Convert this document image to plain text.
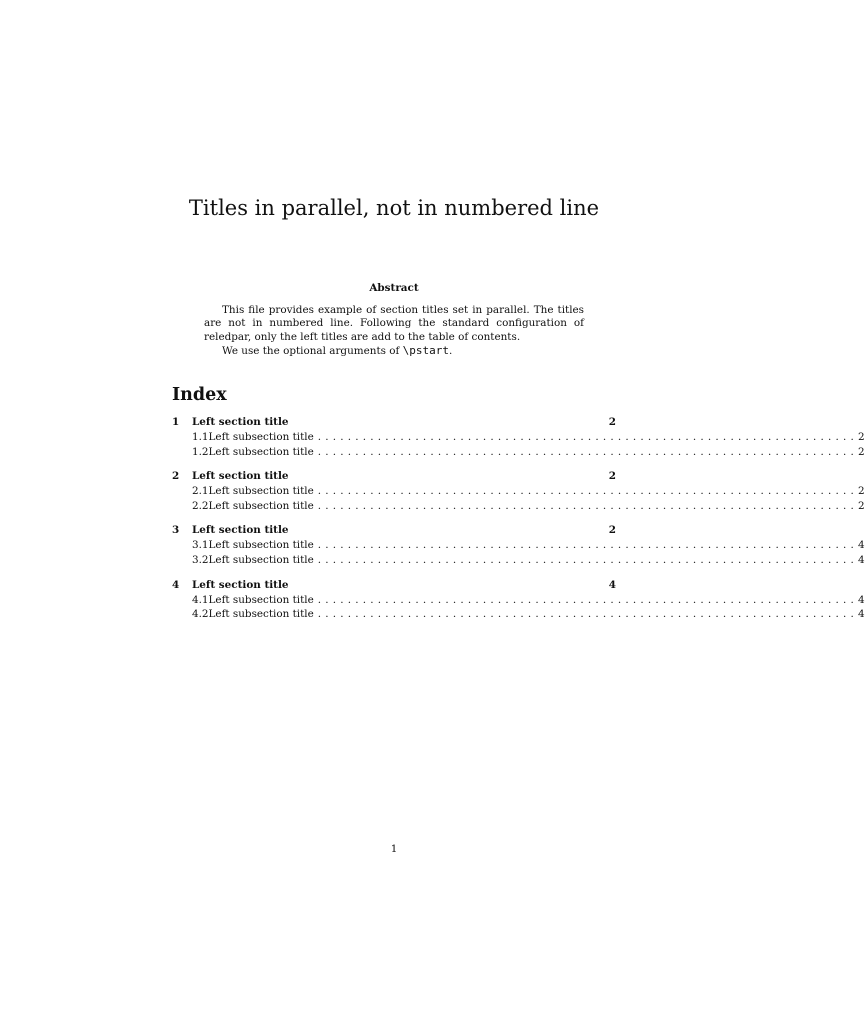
Titles in parallel, not in numbered line
Abstract

This file provides example of section titles set in parallel. The titles are not in numbered line. Following the standard configuration of reledpar, only the left titles are add to the table of contents.

We use the optional arguments of \pstart.

Index
1	Left section title	2
1.1 Left subsection title ........................................................................ 2
1.2 Left subsection title ........................................................................ 2
2	Left section title	2
2.1 Left subsection title ........................................................................ 2
2.2 Left subsection title ........................................................................ 2
3	Left section title	2
3.1 Left subsection title ........................................................................ 4
3.2 Left subsection title ........................................................................ 4
4	Left section title	4
4.1 Left subsection title ........................................................................ 4
4.2 Left subsection title ........................................................................ 4
1
